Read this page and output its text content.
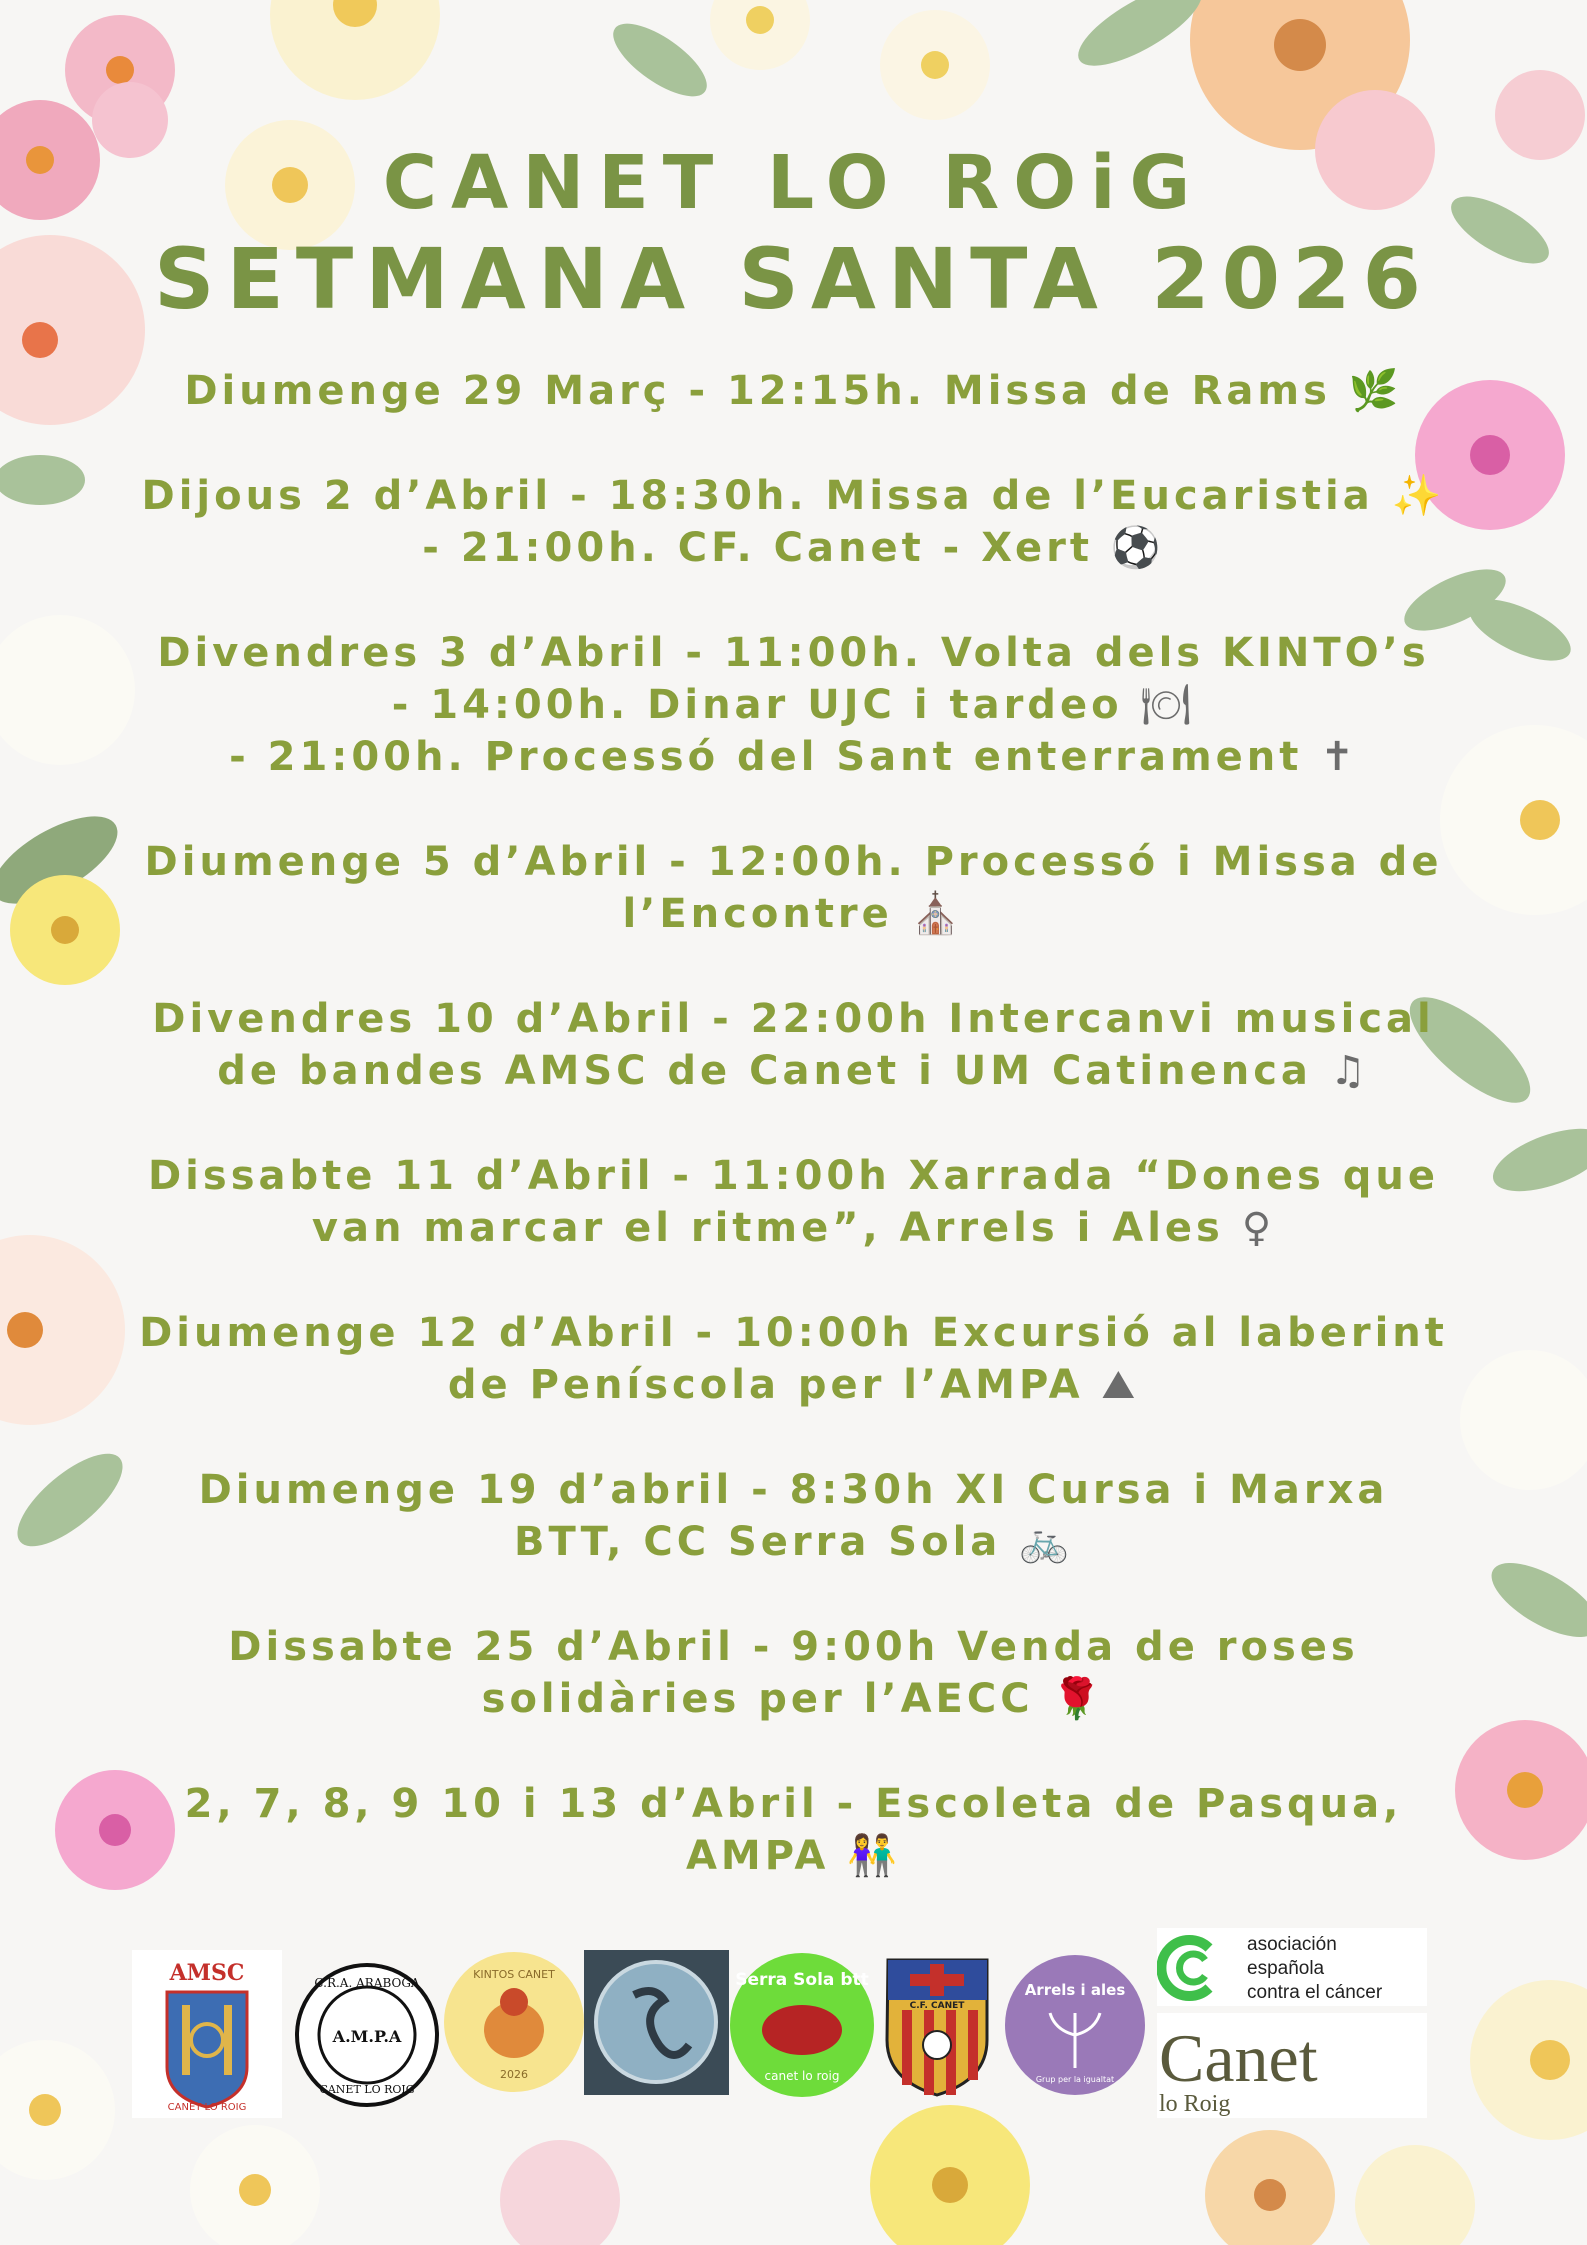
CANET LO ROiG
SETMANA SANTA 2026
Diumenge 29 Març - 12:15h. Missa de Rams 🌿
Dijous 2 d’Abril - 18:30h. Missa de l’Eucaristia ✨
- 21:00h. CF. Canet - Xert ⚽
Divendres 3 d’Abril - 11:00h. Volta dels KINTO’s
- 14:00h. Dinar UJC i tardeo 🍽
- 21:00h. Processó del Sant enterrament ✝
Diumenge 5 d’Abril - 12:00h. Processó i Missa de
l’Encontre ⛪
Divendres 10 d’Abril - 22:00h Intercanvi musical
de bandes AMSC de Canet i UM Catinenca ♫
Dissabte 11 d’Abril - 11:00h Xarrada “Dones que
van marcar el ritme”, Arrels i Ales ♀
Diumenge 12 d’Abril - 10:00h Excursió al laberint
de Peníscola per l’AMPA ⛰
Diumenge 19 d’abril - 8:30h XI Cursa i Marxa
BTT, CC Serra Sola 🚲
Dissabte 25 d’Abril - 9:00h Venda de roses
solidàries per l’AECC 🌹
2, 7, 8, 9 10 i 13 d’Abril - Escoleta de Pasqua,
AMPA 👫
AMSC
CANET LO ROIG
C.R.A. ARABOGA
A.M.P.A
CANET LO ROIG
KINTOS CANET
2026
Serra Sola btt
canet lo roig
C.F. CANET
Arrels i ales
Grup per la igualtat
asociación
española
contra el cáncer
Canet
lo Roig
